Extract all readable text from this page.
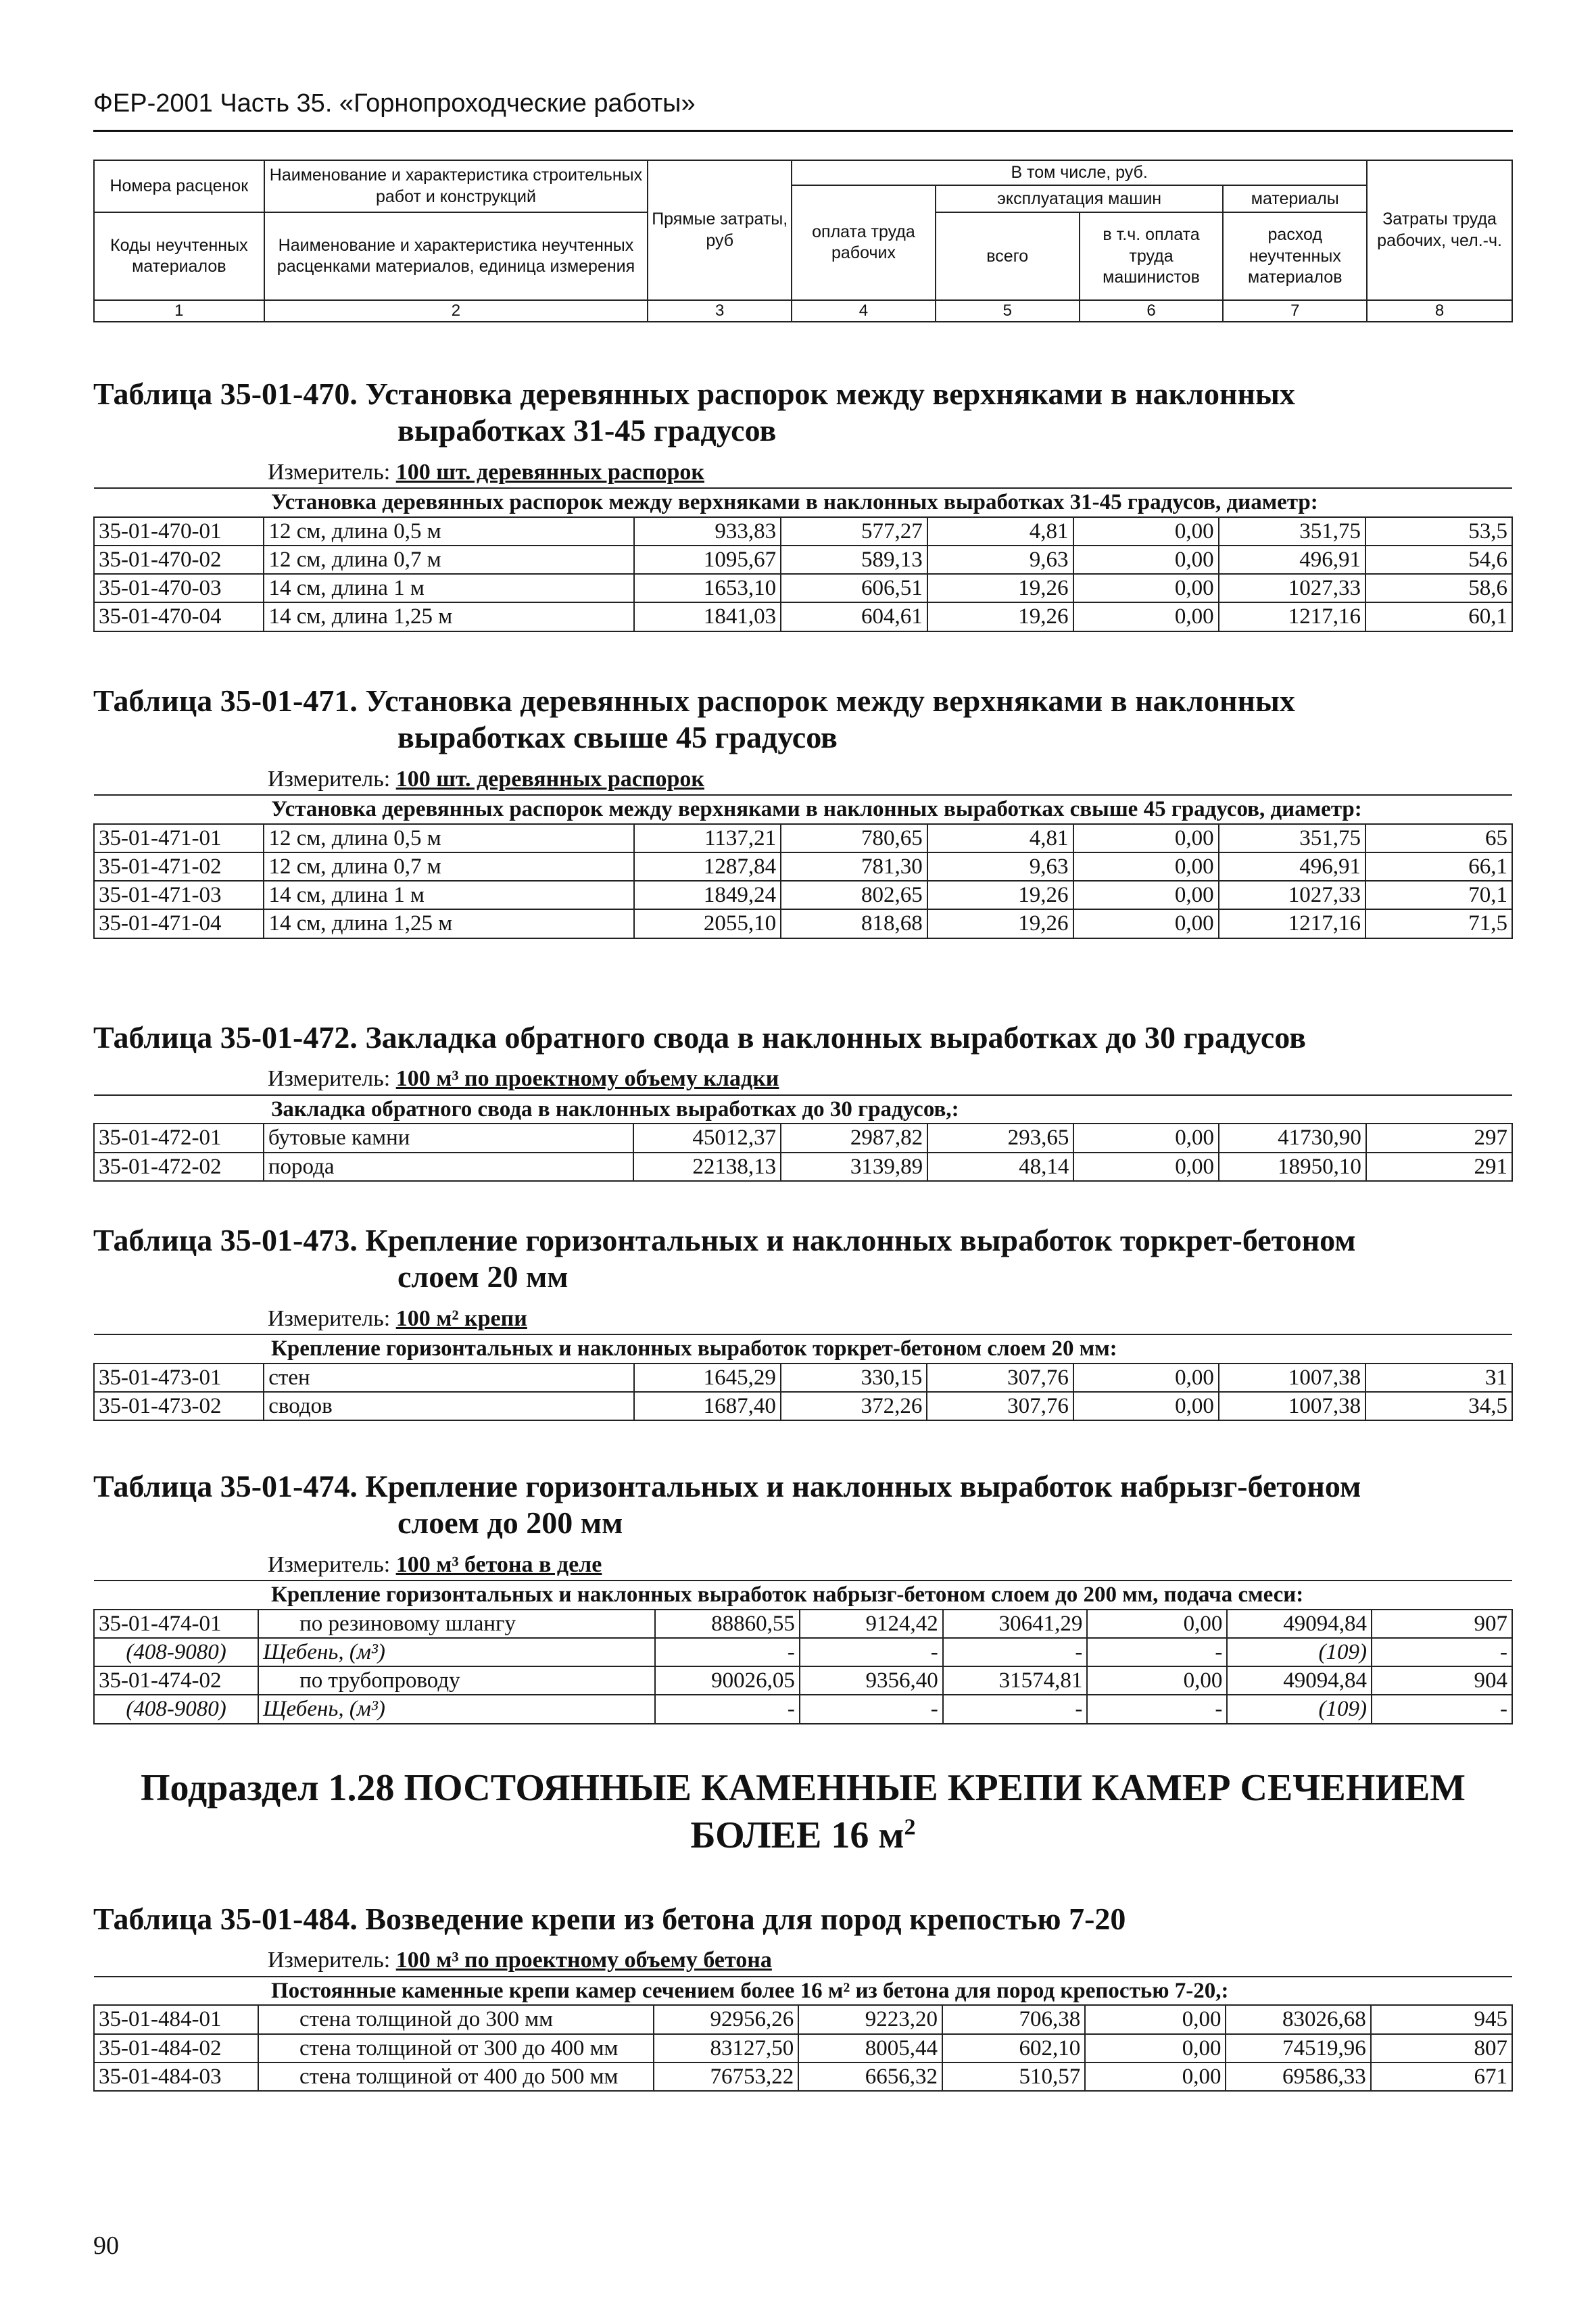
ФЕР-2001 Часть 35. «Горнопроходческие работы»
Номера расценок	Наименование и характеристика строительных работ и конструкций	Прямые затраты, руб	В том числе, руб.				Затраты труда рабочих, чел.-ч.
			оплата труда рабочих	эксплуатация машин		материалы	
Коды неучтенных материалов	Наименование и характеристика неучтенных расценками материалов, единица измерения			всего	в т.ч. оплата труда машинистов	расход неучтенных материалов	

1	2	3	4	5	6	7	8
Таблица 35-01-470. Установка деревянных распорок между верхняками в наклонных
выработках 31-45 градусов
Измеритель: 100 шт. деревянных распорок
Установка деревянных распорок между верхняками в наклонных выработках 31-45 градусов, диаметр:							
35-01-470-01	12 см, длина 0,5 м	933,83	577,27	4,81	0,00	351,75	53,5
35-01-470-02	12 см, длина 0,7 м	1095,67	589,13	9,63	0,00	496,91	54,6
35-01-470-03	14 см, длина 1 м	1653,10	606,51	19,26	0,00	1027,33	58,6
35-01-470-04	14 см, длина 1,25 м	1841,03	604,61	19,26	0,00	1217,16	60,1
Таблица 35-01-471. Установка деревянных распорок между верхняками в наклонных
выработках свыше 45 градусов
Измеритель: 100 шт. деревянных распорок
Установка деревянных распорок между верхняками в наклонных выработках свыше 45 градусов, диаметр:							
35-01-471-01	12 см, длина 0,5 м	1137,21	780,65	4,81	0,00	351,75	65
35-01-471-02	12 см, длина 0,7 м	1287,84	781,30	9,63	0,00	496,91	66,1
35-01-471-03	14 см, длина 1 м	1849,24	802,65	19,26	0,00	1027,33	70,1
35-01-471-04	14 см, длина 1,25 м	2055,10	818,68	19,26	0,00	1217,16	71,5
Таблица 35-01-472. Закладка обратного свода в наклонных выработках до 30 градусов
Измеритель: 100 м³ по проектному объему кладки
Закладка обратного свода в наклонных выработках до 30 градусов,:							
35-01-472-01	бутовые камни	45012,37	2987,82	293,65	0,00	41730,90	297
35-01-472-02	порода	22138,13	3139,89	48,14	0,00	18950,10	291
Таблица 35-01-473. Крепление горизонтальных и наклонных выработок торкрет-бетоном
слоем 20 мм
Измеритель: 100 м² крепи
Крепление горизонтальных и наклонных выработок торкрет-бетоном слоем 20 мм:							
35-01-473-01	стен	1645,29	330,15	307,76	0,00	1007,38	31
35-01-473-02	сводов	1687,40	372,26	307,76	0,00	1007,38	34,5
Таблица 35-01-474. Крепление горизонтальных и наклонных выработок набрызг-бетоном
слоем до 200 мм
Измеритель: 100 м³ бетона в деле
Крепление горизонтальных и наклонных выработок набрызг-бетоном слоем до 200 мм, подача смеси:							
35-01-474-01	по резиновому шлангу	88860,55	9124,42	30641,29	0,00	49094,84	907
(408-9080)	Щебень, (м³)	-	-	-	-	(109)	-
35-01-474-02	по трубопроводу	90026,05	9356,40	31574,81	0,00	49094,84	904
(408-9080)	Щебень, (м³)	-	-	-	-	(109)	-
Подраздел 1.28 ПОСТОЯННЫЕ КАМЕННЫЕ КРЕПИ КАМЕР СЕЧЕНИЕМ
БОЛЕЕ 16 $м^2$
Таблица 35-01-484. Возведение крепи из бетона для пород крепостью 7-20
Измеритель: 100 м³ по проектному объему бетона
Постоянные каменные крепи камер сечением более 16 м² из бетона для пород крепостью 7-20,:							
35-01-484-01	стена толщиной до 300 мм	92956,26	9223,20	706,38	0,00	83026,68	945
35-01-484-02	стена толщиной от 300 до 400 мм	83127,50	8005,44	602,10	0,00	74519,96	807
35-01-484-03	стена толщиной от 400 до 500 мм	76753,22	6656,32	510,57	0,00	69586,33	671
90
